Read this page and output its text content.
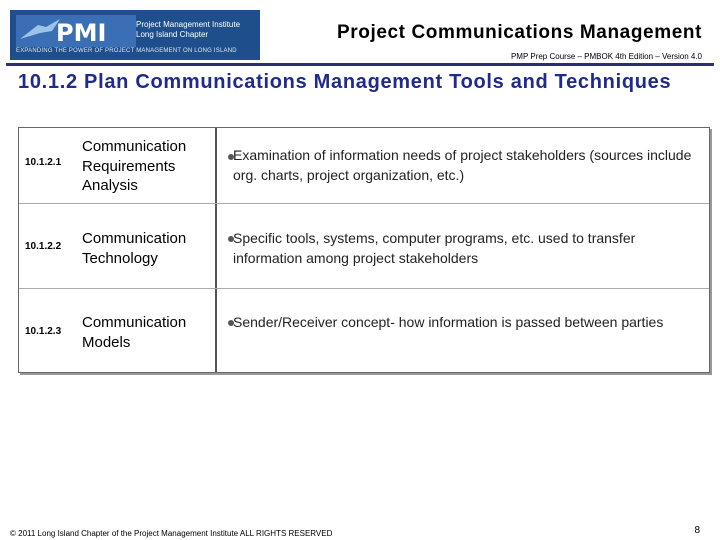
PMI	Project Management Institute
Long Island Chapter
EXPANDING THE POWER OF PROJECT MANAGEMENT ON LONG ISLAND
Project Communications Management
PMP Prep Course – PMBOK 4th Edition – Version 4.0
10.1.2 Plan Communications Management Tools and Techniques
10.1.2.1
Communication Requirements Analysis
Examination of information needs of project stakeholders (sources include org. charts, project organization, etc.)
10.1.2.2 Communication Technology
Specific tools, systems, computer programs, etc. used to transfer information among project stakeholders
10.1.2.3
Communication Models
Sender/Receiver concept- how information is passed between parties
© 2011 Long Island Chapter of the Project Management Institute ALL RIGHTS RESERVED	8
